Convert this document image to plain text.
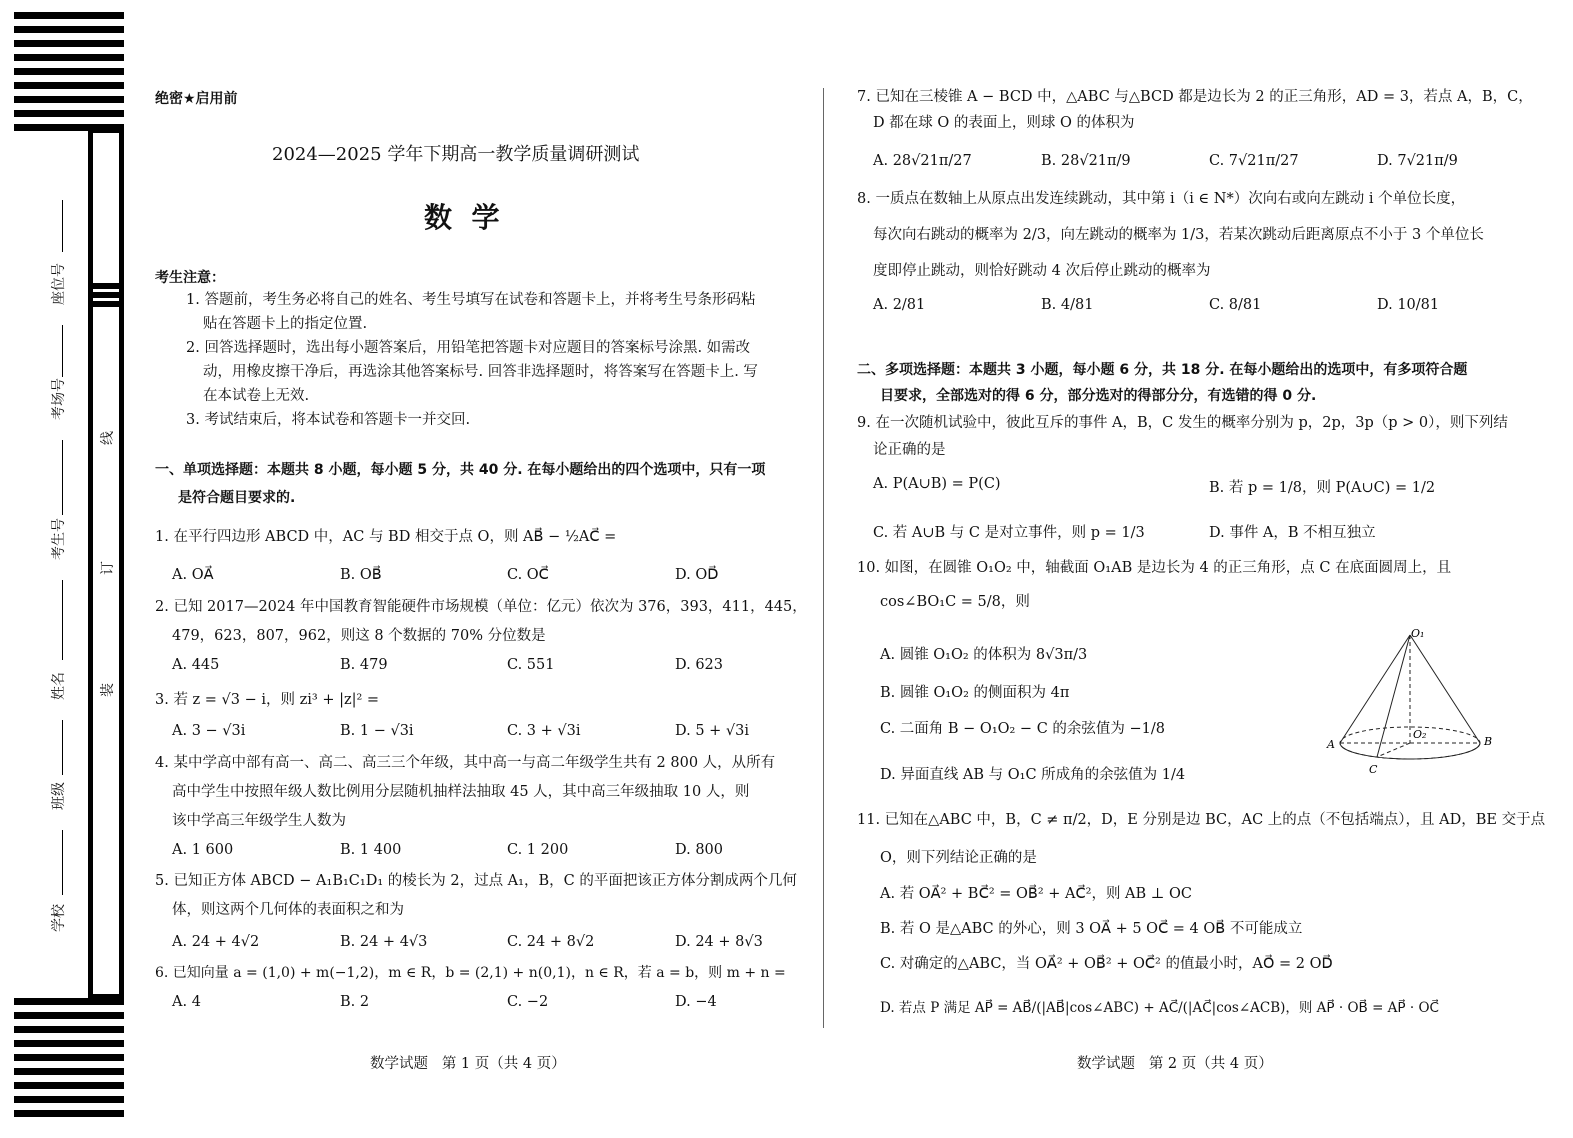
座位号
考场号
考生号
姓名
班级
学校
线
订
装
绝密★启用前
2024—2025 学年下期高一教学质量调研测试
数  学
考生注意：
1. 答题前，考生务必将自己的姓名、考生号填写在试卷和答题卡上，并将考生号条形码粘
贴在答题卡上的指定位置.
2. 回答选择题时，选出每小题答案后，用铅笔把答题卡对应题目的答案标号涂黑. 如需改
动，用橡皮擦干净后，再选涂其他答案标号. 回答非选择题时，将答案写在答题卡上. 写
在本试卷上无效.
3. 考试结束后，将本试卷和答题卡一并交回.
一、单项选择题：本题共 8 小题，每小题 5 分，共 40 分. 在每小题给出的四个选项中，只有一项
是符合题目要求的.
1. 在平行四边形 ABCD 中，AC 与 BD 相交于点 O，则 AB⃗ − ½AC⃗ =
A. OA⃗	B. OB⃗	C. OC⃗	D. OD⃗
2. 已知 2017—2024 年中国教育智能硬件市场规模（单位：亿元）依次为 376，393，411，445，
479，623，807，962，则这 8 个数据的 70% 分位数是
A. 445	B. 479	C. 551	D. 623
3. 若 z = √3 − i，则 zi³ + |z|² =
A. 3 − √3i	B. 1 − √3i	C. 3 + √3i	D. 5 + √3i
4. 某中学高中部有高一、高二、高三三个年级，其中高一与高二年级学生共有 2 800 人，从所有
高中学生中按照年级人数比例用分层随机抽样法抽取 45 人，其中高三年级抽取 10 人，则
该中学高三年级学生人数为
A. 1 600	B. 1 400	C. 1 200	D. 800
5. 已知正方体 ABCD − A₁B₁C₁D₁ 的棱长为 2，过点 A₁，B，C 的平面把该正方体分割成两个几何
体，则这两个几何体的表面积之和为
A. 24 + 4√2	B. 24 + 4√3	C. 24 + 8√2	D. 24 + 8√3
6. 已知向量 a = (1,0) + m(−1,2)，m ∈ R，b = (2,1) + n(0,1)，n ∈ R，若 a = b，则 m + n =
A. 4	B. 2	C. −2	D. −4
数学试题   第 1 页（共 4 页）
7. 已知在三棱锥 A − BCD 中，△ABC 与△BCD 都是边长为 2 的正三角形，AD = 3，若点 A，B，C，
D 都在球 O 的表面上，则球 O 的体积为
A. 28√21π/27	B. 28√21π/9	C. 7√21π/27	D. 7√21π/9
8. 一质点在数轴上从原点出发连续跳动，其中第 i（i ∈ N*）次向右或向左跳动 i 个单位长度，
每次向右跳动的概率为 2/3，向左跳动的概率为 1/3，若某次跳动后距离原点不小于 3 个单位长
度即停止跳动，则恰好跳动 4 次后停止跳动的概率为
A. 2/81	B. 4/81	C. 8/81	D. 10/81
二、多项选择题：本题共 3 小题，每小题 6 分，共 18 分. 在每小题给出的选项中，有多项符合题
目要求，全部选对的得 6 分，部分选对的得部分分，有选错的得 0 分.
9. 在一次随机试验中，彼此互斥的事件 A，B，C 发生的概率分别为 p，2p，3p（p > 0），则下列结
论正确的是
A. P(A∪B) = P(C)	B. 若 p = 1/8，则 P(A∪C) = 1/2
C. 若 A∪B 与 C 是对立事件，则 p = 1/3	D. 事件 A，B 不相互独立
10. 如图，在圆锥 O₁O₂ 中，轴截面 O₁AB 是边长为 4 的正三角形，点 C 在底面圆周上，且
cos∠BO₁C = 5/8，则
A. 圆锥 O₁O₂ 的体积为 8√3π/3
B. 圆锥 O₁O₂ 的侧面积为 4π
C. 二面角 B − O₁O₂ − C 的余弦值为 −1/8
D. 异面直线 AB 与 O₁C 所成角的余弦值为 1/4
O₁
O₂
A	B
C
11. 已知在△ABC 中，B，C ≠ π/2，D，E 分别是边 BC，AC 上的点（不包括端点），且 AD，BE 交于点
O，则下列结论正确的是
A. 若 OA⃗² + BC⃗² = OB⃗² + AC⃗²，则 AB ⊥ OC
B. 若 O 是△ABC 的外心，则 3 OA⃗ + 5 OC⃗ = 4 OB⃗ 不可能成立
C. 对确定的△ABC，当 OA⃗² + OB⃗² + OC⃗² 的值最小时，AO⃗ = 2 OD⃗
D. 若点 P 满足 AP⃗ = AB⃗/(|AB⃗|cos∠ABC) + AC⃗/(|AC⃗|cos∠ACB)，则 AP⃗ · OB⃗ = AP⃗ · OC⃗
数学试题   第 2 页（共 4 页）
